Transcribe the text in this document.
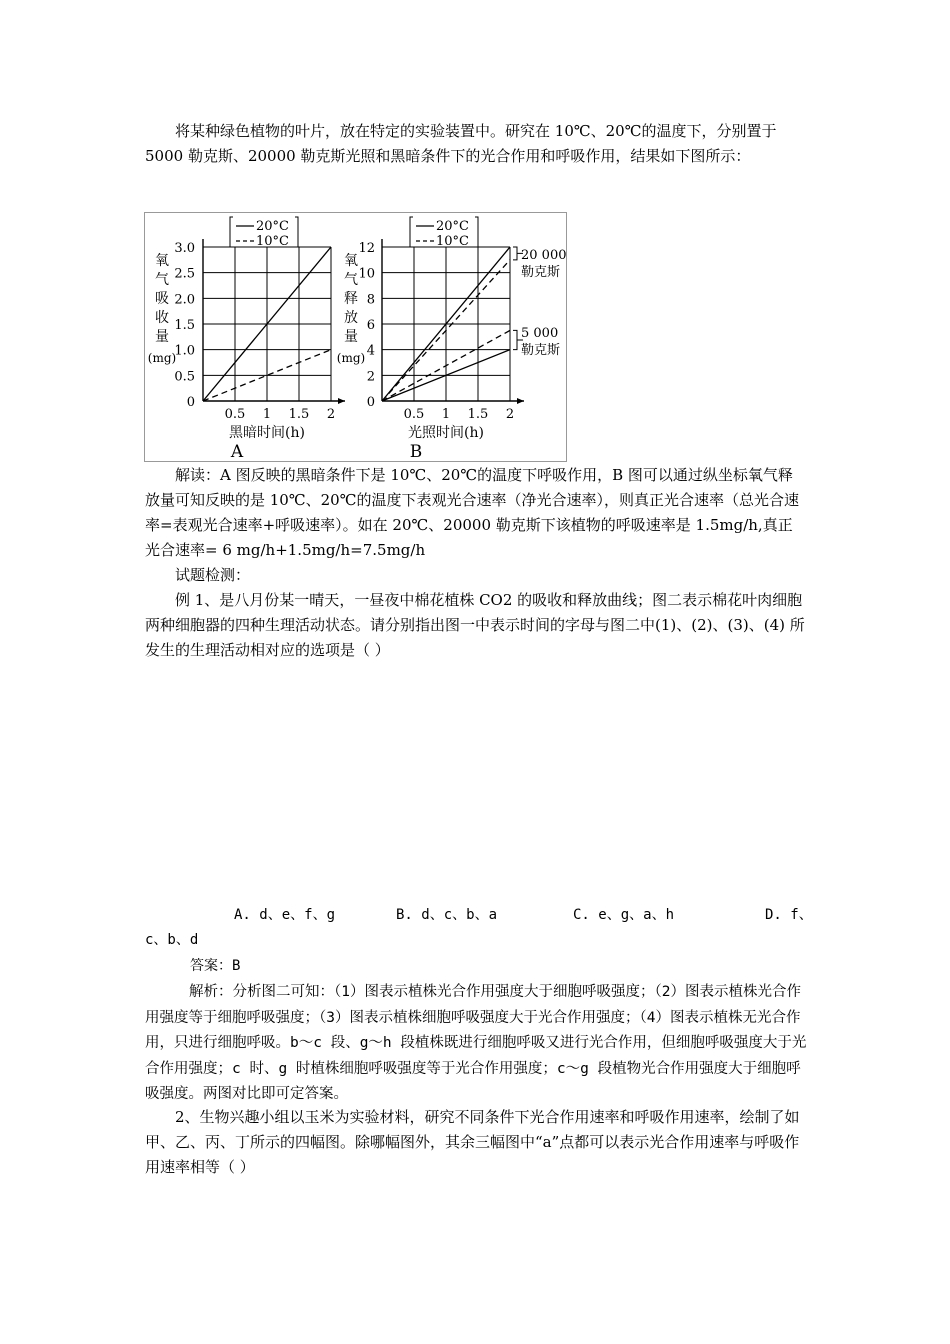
将某种绿色植物的叶片，放在特定的实验装置中。研究在 10℃、20℃的温度下，分别置于 5000 勒克斯、20000 勒克斯光照和黑暗条件下的光合作用和呼吸作用，结果如下图所示：

0
0.5
1.0
1.5
2.0
2.5
3.0
0.5 1 1.5 2
黑暗时间(h)
氧
气
吸
收
量
(mg)
20°C
10°C
A
0
2
4
6
8
10
12
0.5 1 1.5 2
光照时间(h)
氧
气
释
放
量
(mg)
20°C
10°C
B
20 000
勒克斯
5 000
勒克斯

解读：A 图反映的黑暗条件下是 10℃、20℃的温度下呼吸作用，B 图可以通过纵坐标氧气释放量可知反映的是 10℃、20℃的温度下表观光合速率（净光合速率），则真正光合速率（总光合速率=表观光合速率+呼吸速率）。如在 20℃、20000 勒克斯下该植物的呼吸速率是 1.5mg/h,真正光合速率= 6 mg/h+1.5mg/h=7.5mg/h

试题检测：

例 1、是八月份某一晴天，一昼夜中棉花植株 CO2 的吸收和释放曲线；图二表示棉花叶肉细胞两种细胞器的四种生理活动状态。请分别指出图一中表示时间的字母与图二中(1)、(2)、(3)、(4) 所发生的生理活动相对应的选项是（ ）

A. d、e、f、g	B. d、c、b、a	C. e、g、a、h	D. f、
c、b、d
答案：B

解析：分析图二可知：（1）图表示植株光合作用强度大于细胞呼吸强度；（2）图表示植株光合作用强度等于细胞呼吸强度；（3）图表示植株细胞呼吸强度大于光合作用强度；（4）图表示植株无光合作用，只进行细胞呼吸。b～c 段、g～h 段植株既进行细胞呼吸又进行光合作用，但细胞呼吸强度大于光合作用强度；c 时、g 时植株细胞呼吸强度等于光合作用强度；c～g 段植物光合作用强度大于细胞呼吸强度。两图对比即可定答案。

2、生物兴趣小组以玉米为实验材料，研究不同条件下光合作用速率和呼吸作用速率，绘制了如甲、乙、丙、丁所示的四幅图。除哪幅图外，其余三幅图中“a”点都可以表示光合作用速率与呼吸作用速率相等（ ）
